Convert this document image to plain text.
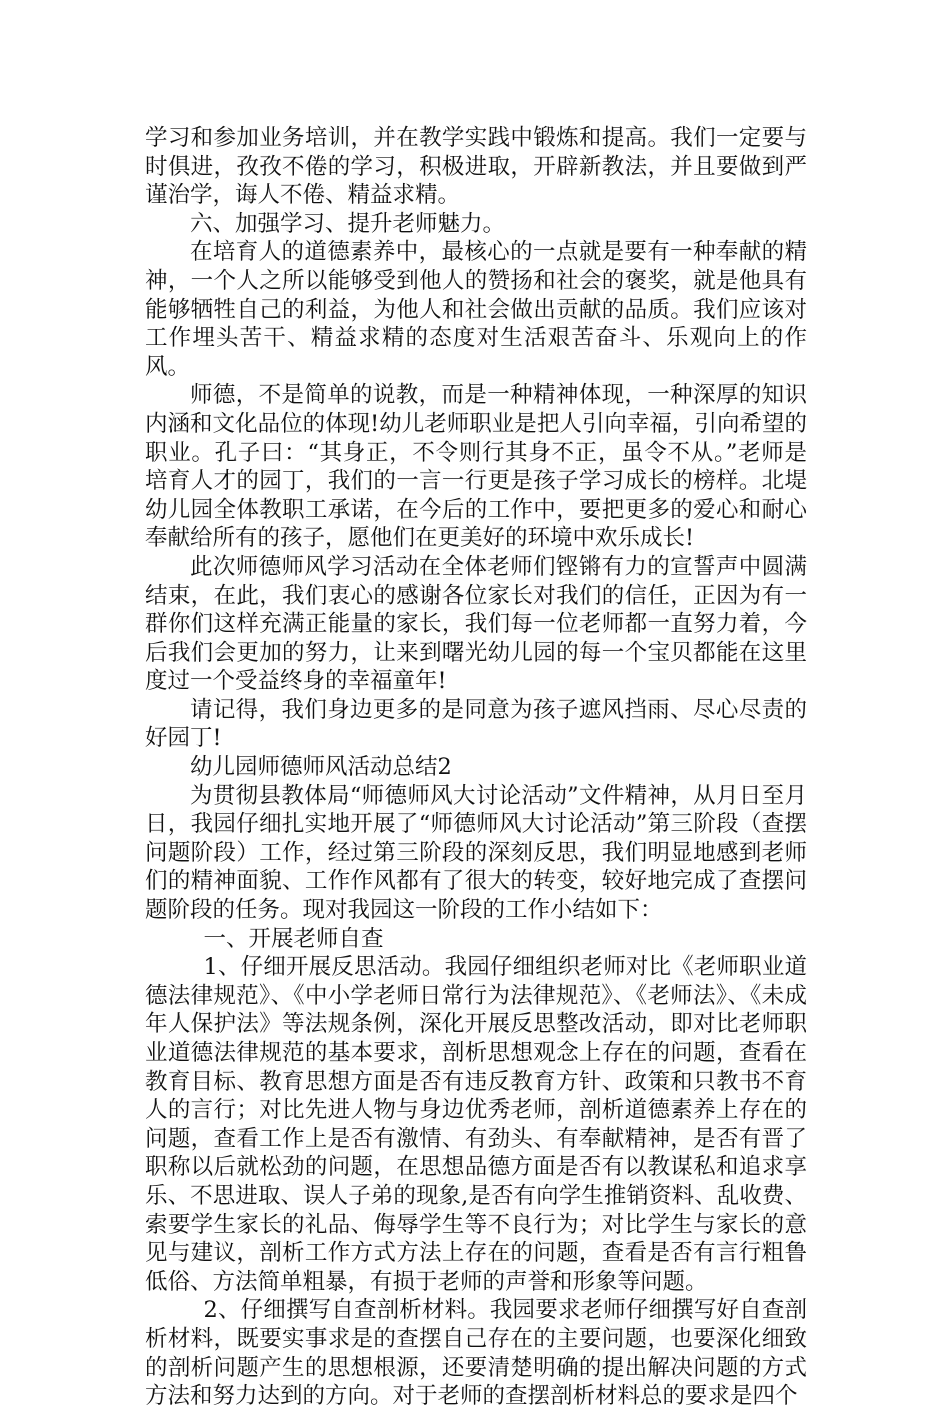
学习和参加业务培训，并在教学实践中锻炼和提高。我们一定要与时俱进，孜孜不倦的学习，积极进取，开辟新教法，并且要做到严谨治学，诲人不倦、精益求精。

六、加强学习、提升老师魅力。

在培育人的道德素养中，最核心的一点就是要有一种奉献的精神，一个人之所以能够受到他人的赞扬和社会的褒奖，就是他具有能够牺牲自己的利益，为他人和社会做出贡献的品质。我们应该对工作埋头苦干、精益求精的态度对生活艰苦奋斗、乐观向上的作风。

师德，不是简单的说教，而是一种精神体现，一种深厚的知识内涵和文化品位的体现!幼儿老师职业是把人引向幸福，引向希望的职业。孔子曰：“其身正，不令则行其身不正，虽令不从。”老师是培育人才的园丁，我们的一言一行更是孩子学习成长的榜样。北堤幼儿园全体教职工承诺，在今后的工作中，要把更多的爱心和耐心奉献给所有的孩子，愿他们在更美好的环境中欢乐成长!

此次师德师风学习活动在全体老师们铿锵有力的宣誓声中圆满结束，在此，我们衷心的感谢各位家长对我们的信任，正因为有一群你们这样充满正能量的家长，我们每一位老师都一直努力着，今后我们会更加的努力，让来到曙光幼儿园的每一个宝贝都能在这里度过一个受益终身的幸福童年!

请记得，我们身边更多的是同意为孩子遮风挡雨、尽心尽责的好园丁!

幼儿园师德师风活动总结2

为贯彻县教体局“师德师风大讨论活动”文件精神，从月日至月日，我园仔细扎实地开展了“师德师风大讨论活动”第三阶段（查摆问题阶段）工作，经过第三阶段的深刻反思，我们明显地感到老师们的精神面貌、工作作风都有了很大的转变，较好地完成了查摆问题阶段的任务。现对我园这一阶段的工作小结如下：

一、开展老师自查

1、仔细开展反思活动。我园仔细组织老师对比《老师职业道德法律规范》、《中小学老师日常行为法律规范》、《老师法》、《未成年人保护法》等法规条例，深化开展反思整改活动，即对比老师职业道德法律规范的基本要求，剖析思想观念上存在的问题，查看在教育目标、教育思想方面是否有违反教育方针、政策和只教书不育人的言行；对比先进人物与身边优秀老师，剖析道德素养上存在的问题，查看工作上是否有激情、有劲头、有奉献精神，是否有晋了职称以后就松劲的问题，在思想品德方面是否有以教谋私和追求享乐、不思进取、误人子弟的现象,是否有向学生推销资料、乱收费、索要学生家长的礼品、侮辱学生等不良行为；对比学生与家长的意见与建议，剖析工作方式方法上存在的问题，查看是否有言行粗鲁低俗、方法简单粗暴，有损于老师的声誉和形象等问题。

2、仔细撰写自查剖析材料。我园要求老师仔细撰写好自查剖析材料，既要实事求是的查摆自己存在的主要问题，也要深化细致的剖析问题产生的思想根源，还要清楚明确的提出解决问题的方式方法和努力达到的方向。对于老师的查摆剖析材料总的要求是四个
